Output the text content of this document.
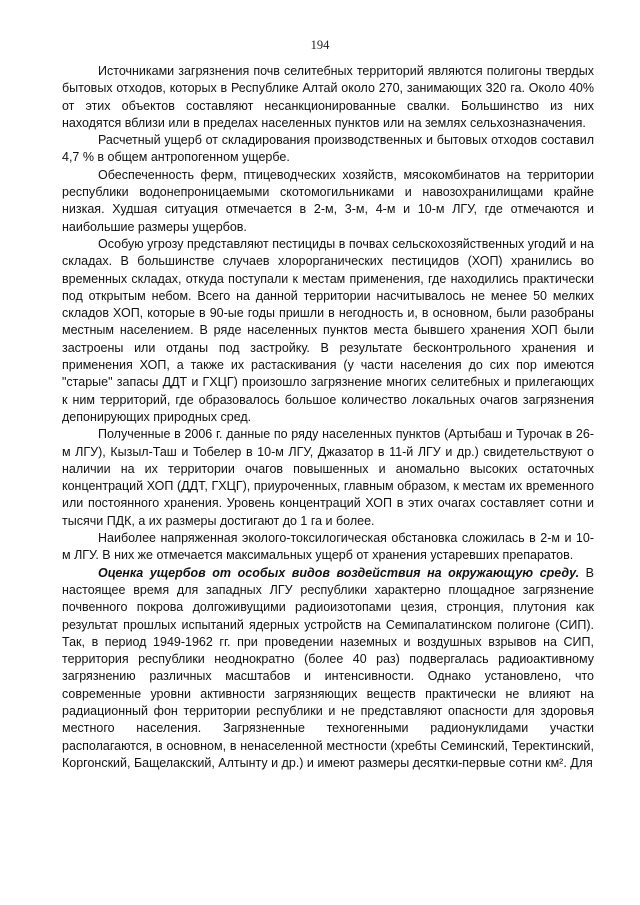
194

Источниками загрязнения почв селитебных территорий являются полигоны твердых бытовых отходов, которых в Республике Алтай около 270, занимающих 320 га. Около 40% от этих объектов составляют несанкционированные свалки. Большинство из них находятся вблизи или в пределах населенных пунктов или на землях сельхозназначения.

Расчетный ущерб от складирования производственных и бытовых отходов составил 4,7 % в общем антропогенном ущербе.

Обеспеченность ферм, птицеводческих хозяйств, мясокомбинатов на территории республики водонепроницаемыми скотомогильниками и навозохранилищами крайне низкая. Худшая ситуация отмечается в 2-м, 3-м, 4-м и 10-м ЛГУ, где отмечаются и наибольшие размеры ущербов.

Особую угрозу представляют пестициды в почвах сельскохозяйственных угодий и на складах. В большинстве случаев хлорорганических пестицидов (ХОП) хранились во временных складах, откуда поступали к местам применения, где находились практически под открытым небом. Всего на данной территории насчитывалось не менее 50 мелких складов ХОП, которые в 90-ые годы пришли в негодность и, в основном, были разобраны местным населением. В ряде населенных пунктов места бывшего хранения ХОП были застроены или отданы под застройку. В результате бесконтрольного хранения и применения ХОП, а также их растаскивания (у части населения до сих пор имеются "старые" запасы ДДТ и ГХЦГ) произошло загрязнение многих селитебных и прилегающих к ним территорий, где образовалось большое количество локальных очагов загрязнения депонирующих природных сред.

Полученные в 2006 г. данные по ряду населенных пунктов (Артыбаш и Турочак в 26-м ЛГУ), Кызыл-Таш и Тобелер в 10-м ЛГУ, Джазатор в 11-й ЛГУ и др.) свидетельствуют о наличии на их территории очагов повышенных и аномально высоких остаточных концентраций ХОП (ДДТ, ГХЦГ), приуроченных, главным образом, к местам их временного или постоянного хранения. Уровень концентраций ХОП в этих очагах составляет сотни и тысячи ПДК, а их размеры достигают до 1 га и более.

Наиболее напряженная эколого-токсилогическая обстановка сложилась в 2-м и 10-м ЛГУ. В них же отмечается максимальных ущерб от хранения устаревших препаратов.

Оценка ущербов от особых видов воздействия на окружающую среду. В настоящее время для западных ЛГУ республики характерно площадное загрязнение почвенного покрова долгоживущими радиоизотопами цезия, стронция, плутония как результат прошлых испытаний ядерных устройств на Семипалатинском полигоне (СИП). Так, в период 1949-1962 гг. при проведении наземных и воздушных взрывов на СИП, территория республики неоднократно (более 40 раз) подвергалась радиоактивному загрязнению различных масштабов и интенсивности. Однако установлено, что современные уровни активности загрязняющих веществ практически не влияют на радиационный фон территории республики и не представляют опасности для здоровья местного населения. Загрязненные техногенными радионуклидами участки располагаются, в основном, в ненаселенной местности (хребты Семинский, Теректинский, Коргонский, Бащелакский, Алтынту и др.) и имеют размеры десятки-первые сотни км². Для
